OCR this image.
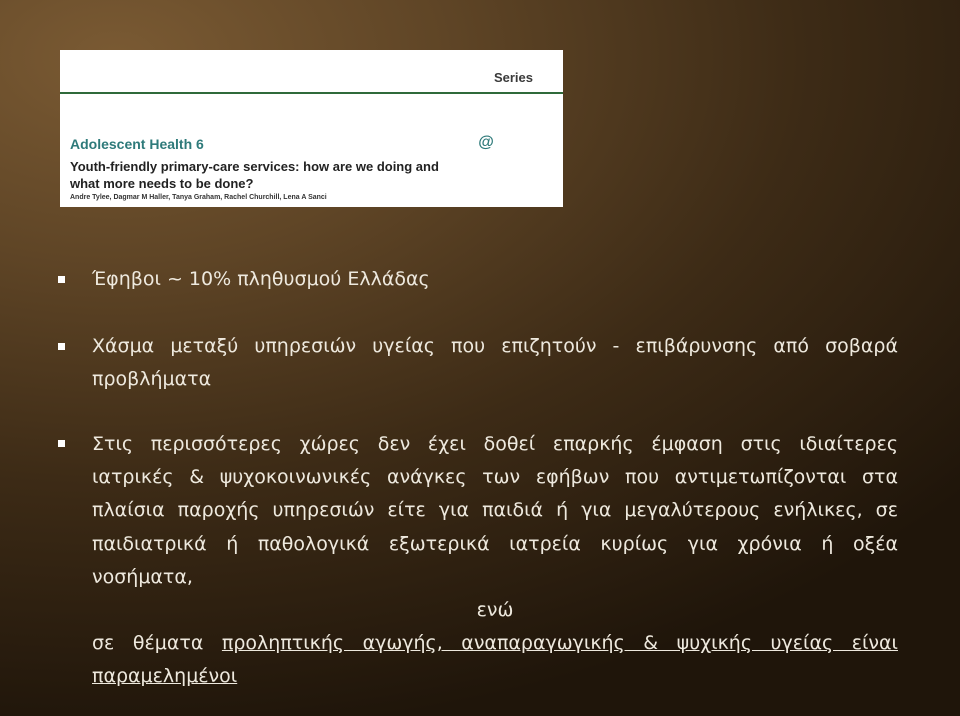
Series
Adolescent Health 6	@
Youth-friendly primary-care services: how are we doing and
what more needs to be done?
Andre Tylee, Dagmar M Haller, Tanya Graham, Rachel Churchill, Lena A Sanci
Έφηβοι ~ 10% πληθυσμού Ελλάδας
Χάσμα μεταξύ υπηρεσιών υγείας που επιζητούν - επιβάρυνσης από σοβαρά
προβλήματα
Στις περισσότερες χώρες δεν έχει δοθεί επαρκής έμφαση στις ιδιαίτερες
ιατρικές & ψυχοκοινωνικές ανάγκες των εφήβων που αντιμετωπίζονται στα
πλαίσια παροχής υπηρεσιών είτε για παιδιά ή για μεγαλύτερους ενήλικες, σε
παιδιατρικά ή παθολογικά εξωτερικά ιατρεία κυρίως για χρόνια ή οξέα
νοσήματα,
ενώ
σε θέματα προληπτικής αγωγής, αναπαραγωγικής & ψυχικής υγείας είναι
παραμελημένοι
